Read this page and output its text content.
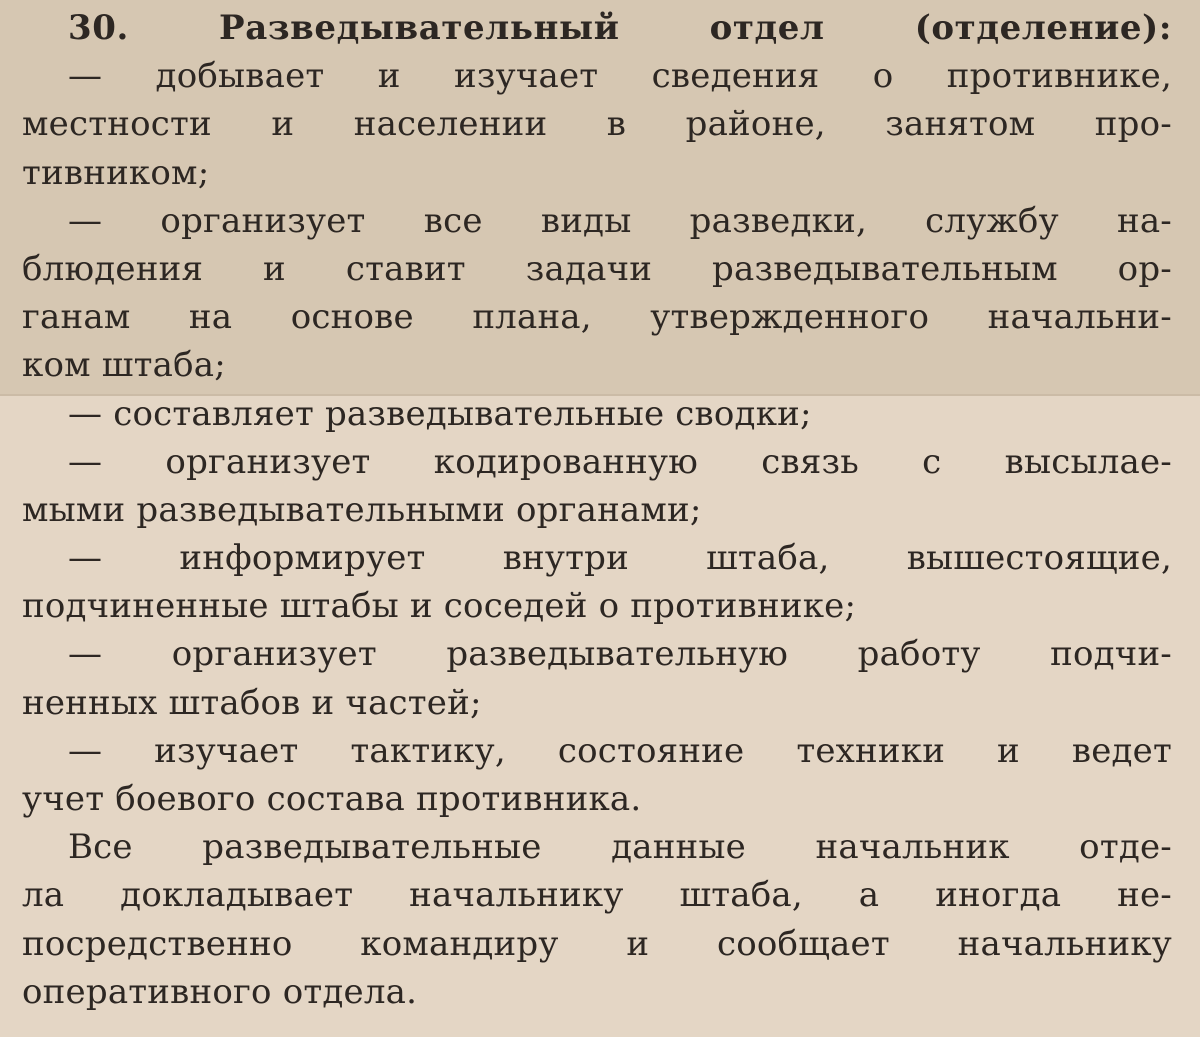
30. Разведывательный отдел (отделение):
— добывает и изучает сведения о противнике,
местности и населении в районе, занятом про-
тивником;
— организует все виды разведки, службу на-
блюдения и ставит задачи разведывательным ор-
ганам на основе плана, утвержденного начальни-
ком штаба;
— составляет разведывательные сводки;
— организует кодированную связь с высылае-
мыми разведывательными органами;
— информирует внутри штаба, вышестоящие,
подчиненные штабы и соседей о противнике;
— организует разведывательную работу подчи-
ненных штабов и частей;
— изучает тактику, состояние техники и ведет
учет боевого состава противника.
Все разведывательные данные начальник отде-
ла докладывает начальнику штаба, а иногда не-
посредственно командиру и сообщает начальнику
оперативного отдела.
